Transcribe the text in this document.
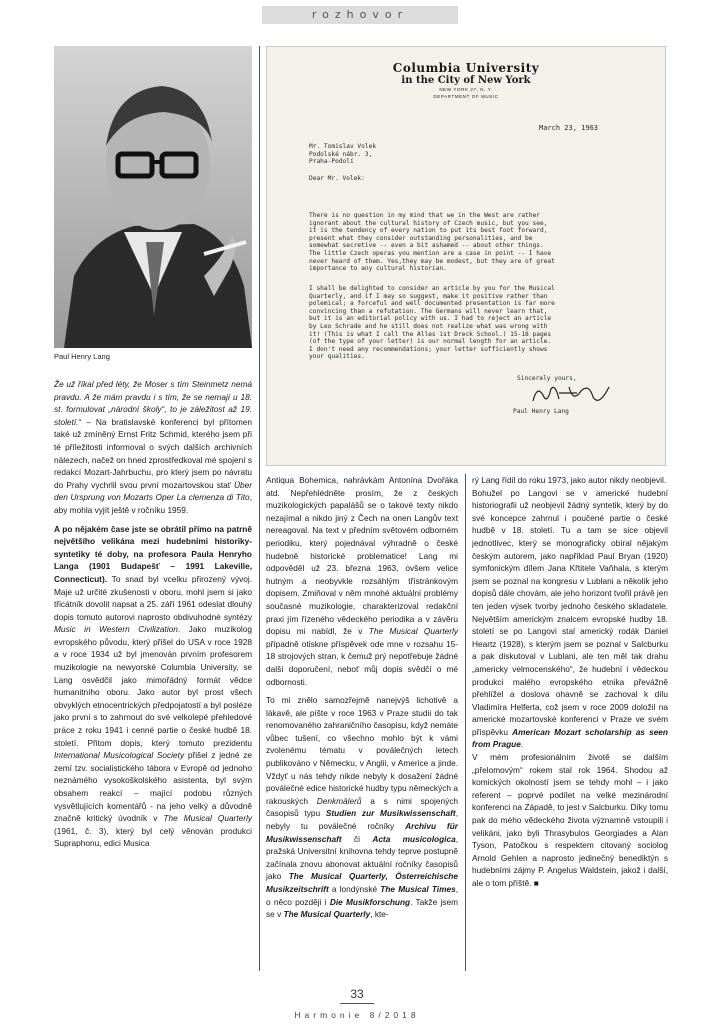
rozhovor
Paul Henry Lang
Columbia University
in the City of New York
NEW YORK 27, N. Y.
DEPARTMENT OF MUSIC
March 23, 1963
Mr. Tomislav Volek
Podolské nábr. 3,
Praha-Podolí
Dear Mr. Volek:
There is no question in my mind that we in the West are rather
ignorant about the cultural history of Czech music, but you see,
it is the tendency of every nation to put its best foot forward,
present what they consider outstanding personalities, and be
somewhat secretive -- even a bit ashamed -- about other things.
The little Czech operas you mention are a case in point -- I have
never heard of them. Yes,they may be modest, but they are of great
importance to any cultural historian.
I shall be delighted to consider an article by you for the Musical
Quarterly, and if I may so suggest, make it positive rather than
polemical; a forceful and well documented presentation is far more
convincing than a refutation. The Germans will never learn that,
but it is an editorial policy with us. I had to reject an article
by Leo Schrade and he still does not realize what was wrong with
it! (This is what I call the Alles ist Dreck School.) 15-18 pages
(of the type of your letter) is our normal length for an article.
I don't need any recommendations; your letter sufficiently shows
your qualities.
Sincerely yours,
Paul Henry Lang

Že už říkal před léty, že Moser s tím Steinmetz nemá pravdu. A že mám pravdu i s tím, že se nemají u 18. st. formulovat „národní školy“, to je záležitost až 19. století.“ – Na bratislavské konferenci byl přítomen také už zmíněný Ernst Fritz Schmid, kterého jsem při té příležitosti informoval o svých dalších archivních nálezech, načež on hned zprostředkoval mé spojení s redakcí Mozart-Jahrbuchu, pro který jsem po návratu do Prahy vychrlil svou první mozartovskou stať Über den Ursprung von Mozarts Oper La clemenza di Tito, aby mohla vyjít ještě v ročníku 1959.

A po nějakém čase jste se obrátil přímo na patrně největšího velikána mezi hudebními historiky-syntetiky té doby, na profesora Paula Henryho Langa (1901 Budapešť – 1991 Lakeville, Connecticut). To snad byl vcelku přirozený vývoj. Maje už určité zkušenosti v oboru, mohl jsem si jako třicátník dovolit napsat a 25. září 1961 odeslat dlouhý dopis tomuto autorovi naprosto obdivuhodné syntézy Music in Western Civilization. Jako muzikolog evropského původu, který přišel do USA v roce 1928 a v roce 1934 už byl jmenován prvním profesorem muzikologie na newyorské Columbia University, se Lang osvědčil jako mimořádný formát vědce humanitního oboru. Jako autor byl prost všech obvyklých etnocentrických předpojatostí a byl posléze jako první s to zahrnout do své velkolepé přehledové práce z roku 1941 i cenné partie o české hudbě 18. století. Přitom dopis, který tomuto prezidentu International Musicological Society přišel z jedné ze zemí tzv. socialistického tábora v Evropě od jednoho neznámého vysokoškolského asistenta, byl svým obsahem reakcí – mající podobu různých vysvětlujících komentářů - na jeho velký a důvodně značně kritický úvodník v The Musical Quarterly (1961, č. 3), který byl celý věnován produkci Supraphonu, edici Musica

Antiqua Bohemica, nahrávkám Antonína Dvořáka atd. Nepřehlédněte prosím, že z českých muzikologických papalášů se o takové texty nikdo nezajímal a nikdo jiný z Čech na onen Langův text nereagoval. Na text v předním světovém odborném periodiku, který pojednával výhradně o české hudebně historické problematice! Lang mi odpověděl už 23. března 1963, ovšem velice hutným a neobyvkle rozsáhlým třístránkovým dopisem. Zmiňoval v něm mnohé aktuální problémy současné muzikologie, charakterizoval redakční praxi jím řízeného vědeckého periodika a v závěru dopisu mi nabídl, že v The Musical Quarterly případně otiskne příspěvek ode mne v rozsahu 15-18 strojových stran, k čemuž prý nepotřebuje žádné další doporučení, neboť můj dopis svědčí o mé odbornosti.

To mi znělo samozřejmě nanejvýš lichotivě a lákavě, ale píšte v roce 1963 v Praze studii do tak renomovaného zahraničního časopisu, když nemáte vůbec tušení, co všechno mohlo být k vámi zvolenému tématu v poválečných letech publikováno v Německu, v Anglii, v Americe a jinde. Vždyť u nás tehdy nikde nebyly k dosažení žádné poválečné edice historické hudby typu německých a rakouských Denkmälerů a s nimi spojených časopisů typu Studien zur Musikwissenschaft, nebyly tu poválečné ročníky Archivu für Musikwissenschaft či Acta musicologica, pražská Universitní knihovna tehdy teprve postupně začínala znovu abonovat aktuální ročníky časopisů jako The Musical Quarterly, Österreichische Musikzeitschrift a londýnské The Musical Times, o něco později i Die Musikforschung. Takže jsem se v The Musical Quarterly, kte-

rý Lang řídil do roku 1973, jako autor nikdy neobjevil.

Bohužel po Langovi se v americké hudební historiografii už neobjevil žádný syntetik, který by do své koncepce zahrnul i poučené partie o české hudbě v 18. století. Tu a tam se sice objevil jednotlivec, který se monograficky obíral nějakým českým autorem, jako například Paul Bryan (1920) symfonickým dílem Jana Křtitele Vaňhala, s kterým jsem se poznal na kongresu v Lublani a několik jeho dopisů dále chovám, ale jeho horizont tvořil právě jen ten jeden výsek tvorby jednoho českého skladatele. Největším americkým znalcem evropské hudby 18. století se po Langovi stal americký rodák Daniel Heartz (1928), s kterým jsem se poznal v Salcburku a pak diskutoval v Lublani, ale ten měl tak drahu „americky velmocenského“, že hudební i vědeckou produkci malého evropského etnika převážně přehlížel a doslova ohavně se zachoval k dílu Vladimíra Helferta, což jsem v roce 2009 doložil na americké mozartovské konferenci v Praze ve svém příspěvku American Mozart scholarship as seen from Prague.

V mém profesionálním životě se dalším „přelomovým“ rokem stal rok 1964. Shodou až komických okolností jsem se tehdy mohl – i jako referent – poprvé podílet na velké mezinárodní konferenci na Západě, to jest v Salcburku. Díky tomu pak do mého vědeckého života významně vstoupili i velikáni, jako byli Thrasybulos Georgiades a Alan Tyson, Patočkou s respektem citovaný sociolog Arnold Gehlen a naprosto jedinečný benediktýn s hudebními zájmy P. Angelus Waldstein, jakož i další, ale o tom příště. ■

33
Harmonie 8/2018
